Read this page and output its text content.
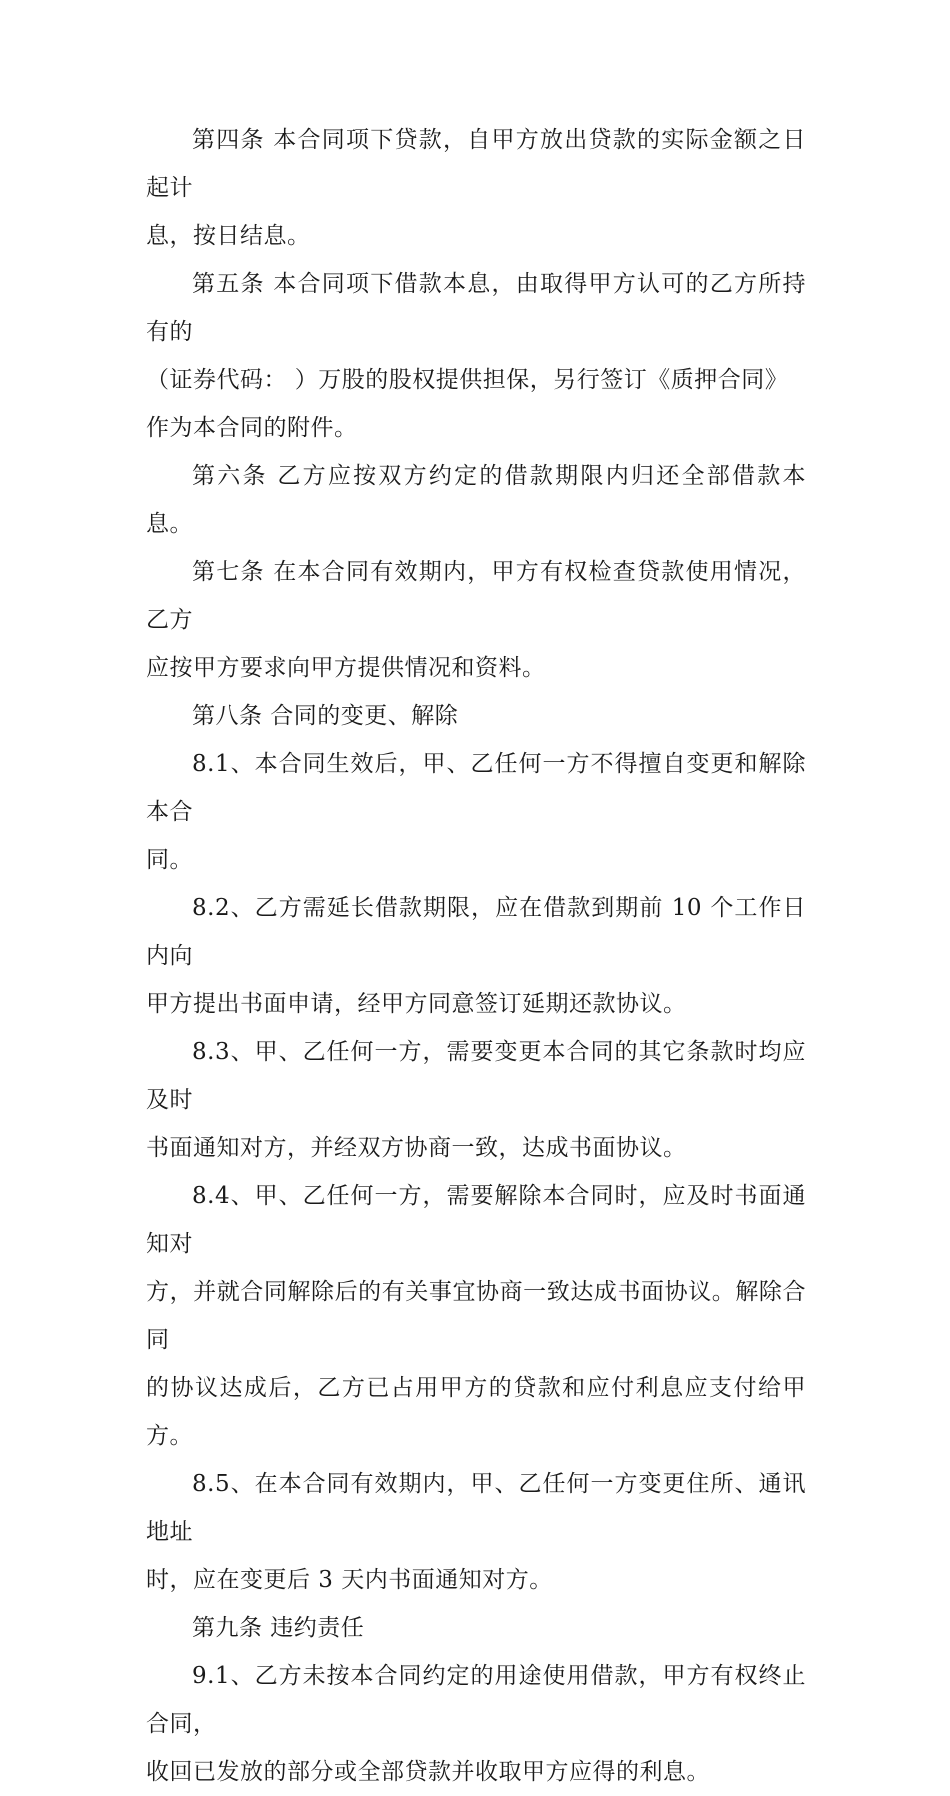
第四条 本合同项下贷款，自甲方放出贷款的实际金额之日起计
息，按日结息。

第五条 本合同项下借款本息，由取得甲方认可的乙方所持有的
（证券代码： ）万股的股权提供担保，另行签订《质押合同》
作为本合同的附件。

第六条 乙方应按双方约定的借款期限内归还全部借款本息。

第七条 在本合同有效期内，甲方有权检查贷款使用情况，乙方
应按甲方要求向甲方提供情况和资料。

第八条 合同的变更、解除

8.1、本合同生效后，甲、乙任何一方不得擅自变更和解除本合
同。

8.2、乙方需延长借款期限，应在借款到期前 10 个工作日内向
甲方提出书面申请，经甲方同意签订延期还款协议。

8.3、甲、乙任何一方，需要变更本合同的其它条款时均应及时
书面通知对方，并经双方协商一致，达成书面协议。

8.4、甲、乙任何一方，需要解除本合同时，应及时书面通知对
方，并就合同解除后的有关事宜协商一致达成书面协议。解除合同
的协议达成后，乙方已占用甲方的贷款和应付利息应支付给甲方。

8.5、在本合同有效期内，甲、乙任何一方变更住所、通讯地址
时，应在变更后 3 天内书面通知对方。

第九条 违约责任

9.1、乙方未按本合同约定的用途使用借款，甲方有权终止合同，
收回已发放的部分或全部贷款并收取甲方应得的利息。
